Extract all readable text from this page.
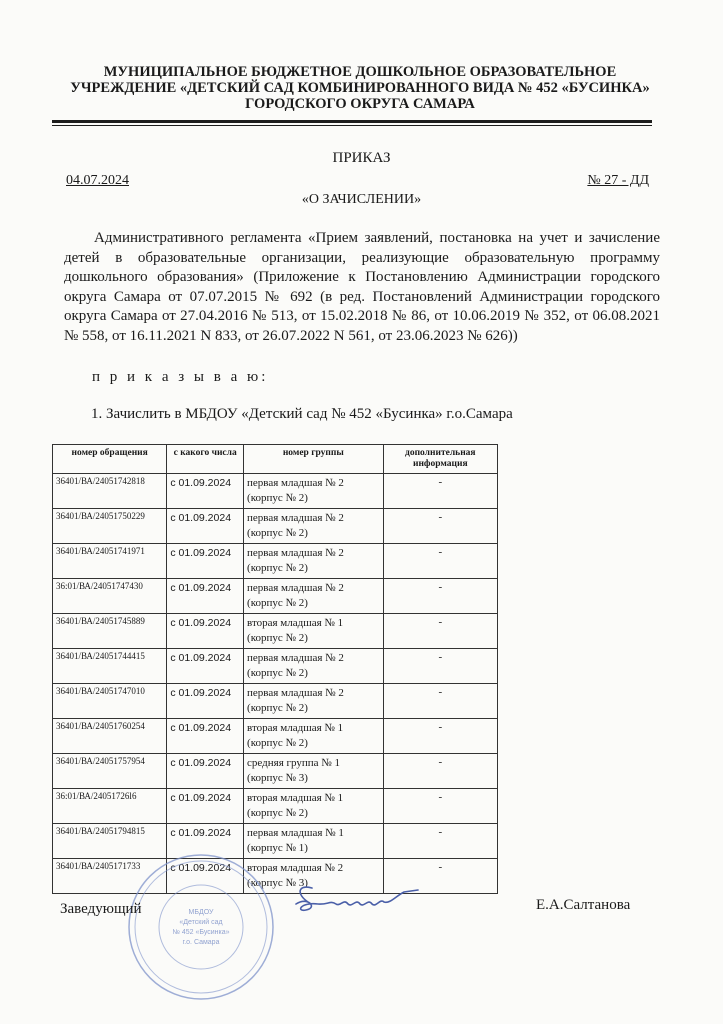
МУНИЦИПАЛЬНОЕ БЮДЖЕТНОЕ ДОШКОЛЬНОЕ ОБРАЗОВАТЕЛЬНОЕ
УЧРЕЖДЕНИЕ «ДЕТСКИЙ САД КОМБИНИРОВАННОГО ВИДА № 452 «БУСИНКА»
ГОРОДСКОГО ОКРУГА САМАРА
ПРИКАЗ
04.07.2024	№ 27 - ДД
«О ЗАЧИСЛЕНИИ»
Административного регламента «Прием заявлений, постановка на учет и зачисление детей в образовательные организации, реализующие образовательную программу дошкольного образования» (Приложение к Постановлению Администрации городского округа Самара от 07.07.2015 № 692 (в ред. Постановлений Администрации городского округа Самара от 27.04.2016 № 513, от 15.02.2018 № 86, от 10.06.2019 № 352, от 06.08.2021 № 558, от 16.11.2021 N 833, от 26.07.2022 N 561, от 23.06.2023 № 626))
п р и к а з ы в а ю:
1. Зачислить в МБДОУ «Детский сад № 452 «Бусинка» г.о.Самара
номер обращения	с какого числа	номер группы	дополнительная информация
36401/ВА/24051742818	с 01.09.2024	первая младшая № 2
(корпус № 2)	-
36401/ВА/24051750229	с 01.09.2024	первая младшая № 2
(корпус № 2)	-
36401/ВА/24051741971	с 01.09.2024	первая младшая № 2
(корпус № 2)	-
36:01/ВА/24051747430	с 01.09.2024	первая младшая № 2
(корпус № 2)	-
36401/ВА/24051745889	с 01.09.2024	вторая младшая № 1
(корпус № 2)	-
36401/ВА/24051744415	с 01.09.2024	первая младшая № 2
(корпус № 2)	-
36401/ВА/24051747010	с 01.09.2024	первая младшая № 2
(корпус № 2)	-
36401/ВА/24051760254	с 01.09.2024	вторая младшая № 1
(корпус № 2)	-
36401/ВА/24051757954	с 01.09.2024	средняя группа № 1
(корпус № 3)	-
36:01/ВА/24051726l6	с 01.09.2024	вторая младшая № 1
(корпус № 2)	-
36401/ВА/24051794815	с 01.09.2024	первая младшая № 1
(корпус № 1)	-
36401/ВА/2405171733	с 01.09.2024	вторая младшая № 2
(корпус № 3)	-
МБДОУ
«Детский сад
№ 452 «Бусинка»
г.о. Самара
Заведующий	Е.А.Салтанова
